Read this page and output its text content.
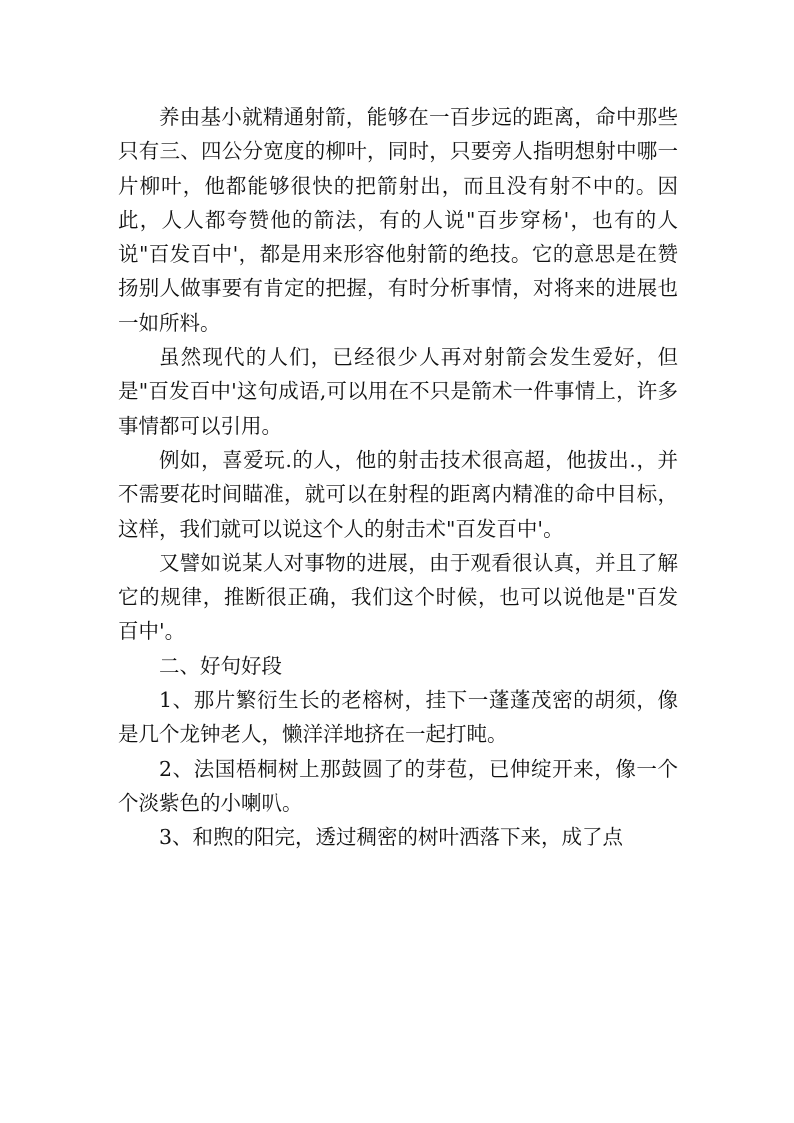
养由基小就精通射箭，能够在一百步远的距离，命中那些只有三、四公分宽度的柳叶，同时，只要旁人指明想射中哪一片柳叶，他都能够很快的把箭射出，而且没有射不中的。因此，人人都夸赞他的箭法，有的人说"百步穿杨'，也有的人说"百发百中'，都是用来形容他射箭的绝技。它的意思是在赞扬别人做事要有肯定的把握，有时分析事情，对将来的进展也一如所料。

虽然现代的人们，已经很少人再对射箭会发生爱好，但是"百发百中'这句成语,可以用在不只是箭术一件事情上，许多事情都可以引用。

例如，喜爱玩.的人，他的射击技术很高超，他拔出.，并不需要花时间瞄准，就可以在射程的距离内精准的命中目标，这样，我们就可以说这个人的射击术"百发百中'。

又譬如说某人对事物的进展，由于观看很认真，并且了解它的规律，推断很正确，我们这个时候，也可以说他是"百发百中'。

二、好句好段

1、那片繁衍生长的老榕树，挂下一蓬蓬茂密的胡须，像是几个龙钟老人，懒洋洋地挤在一起打盹。

2、法国梧桐树上那鼓圆了的芽苞，已伸绽开来，像一个个淡紫色的小喇叭。

3、和煦的阳完，透过稠密的树叶洒落下来，成了点
